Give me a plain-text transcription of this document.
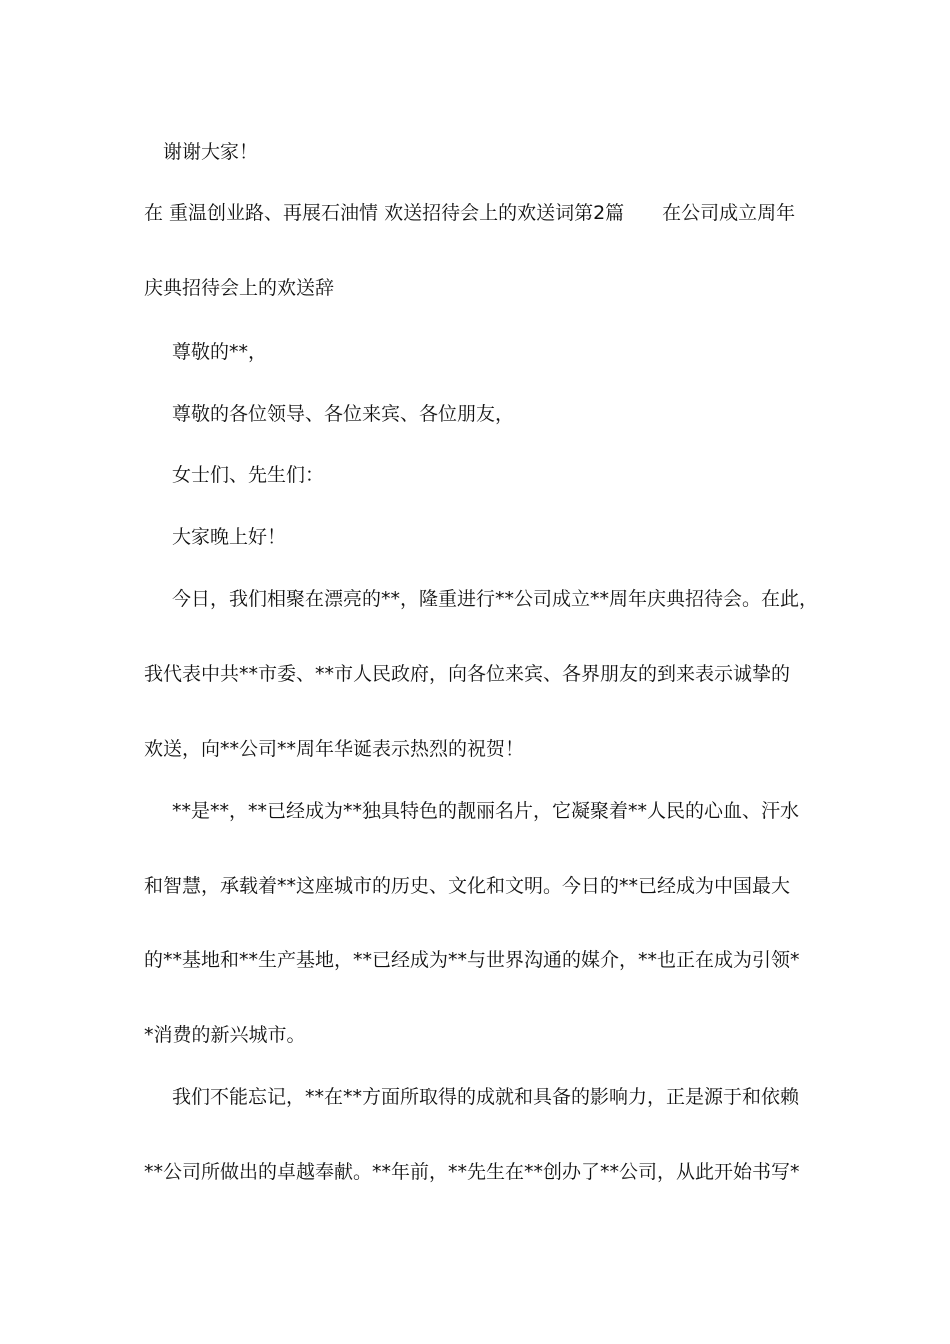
谢谢大家！
在 重温创业路、再展石油情 欢送招待会上的欢送词第2篇　　在公司成立周年
庆典招待会上的欢送辞
尊敬的**，
尊敬的各位领导、各位来宾、各位朋友，
女士们、先生们：
大家晚上好！
今日，我们相聚在漂亮的**，隆重进行**公司成立**周年庆典招待会。在此，
我代表中共**市委、**市人民政府，向各位来宾、各界朋友的到来表示诚挚的
欢送，向**公司**周年华诞表示热烈的祝贺！
**是**，**已经成为**独具特色的靓丽名片，它凝聚着**人民的心血、汗水
和智慧，承载着**这座城市的历史、文化和文明。今日的**已经成为中国最大
的**基地和**生产基地，**已经成为**与世界沟通的媒介，**也正在成为引领*
*消费的新兴城市。
我们不能忘记，**在**方面所取得的成就和具备的影响力，正是源于和依赖
**公司所做出的卓越奉献。**年前，**先生在**创办了**公司，从此开始书写*
